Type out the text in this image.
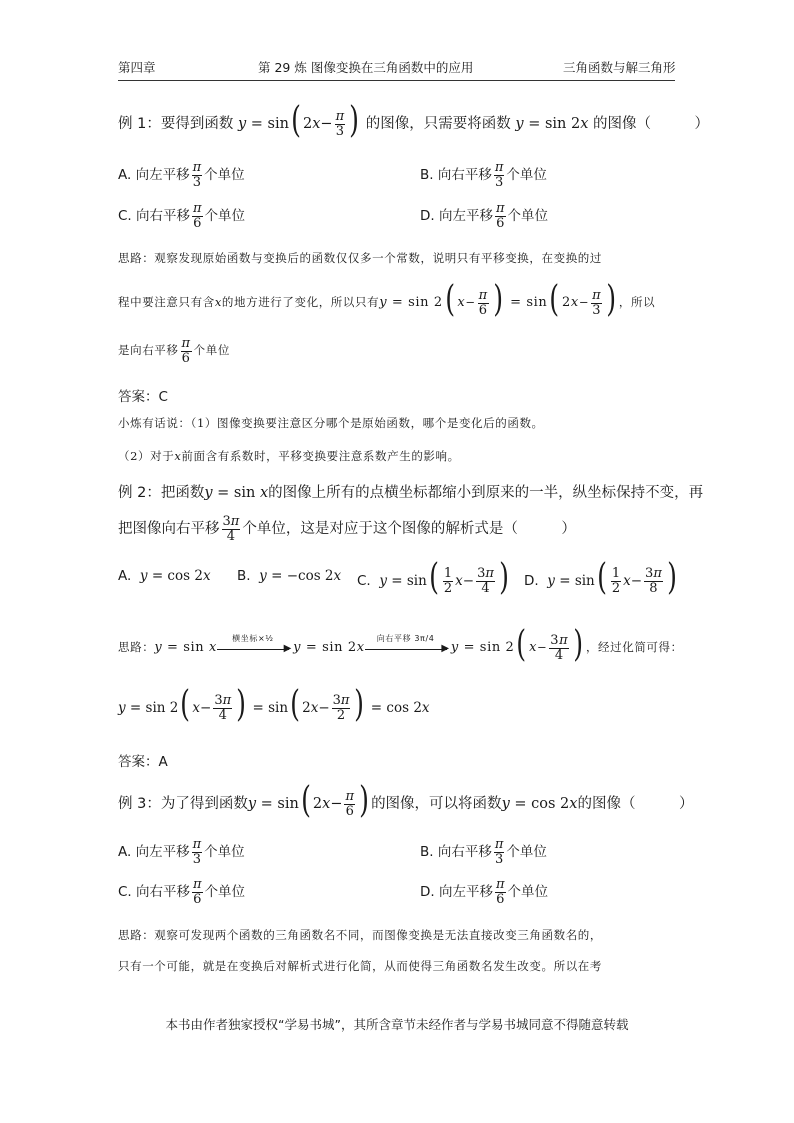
第四章	第 29 炼 图像变换在三角函数中的应用	三角函数与解三角形
例 1：要得到函数 y = sin( $2x- \frac{\pi}{3}$ ) 的图像，只需要将函数 y = sin 2x 的图像（　　　）
A. 向左平移 $\frac{\pi}{3}$ 个单位	B. 向右平移 $\frac{\pi}{3}$ 个单位
C. 向右平移 $\frac{\pi}{6}$ 个单位	D. 向左平移 $\frac{\pi}{6}$ 个单位
思路：观察发现原始函数与变换后的函数仅仅多一个常数，说明只有平移变换，在变换的过
程中要注意只有含x的地方进行了变化，所以只有y = sin 2( $x- \frac{\pi}{6}$ ) = sin( $2x- \frac{\pi}{3}$ ) ，所以
是向右平移 $\frac{\pi}{6}$ 个单位
答案：C
小炼有话说：（1）图像变换要注意区分哪个是原始函数，哪个是变化后的函数。
（2）对于x前面含有系数时，平移变换要注意系数产生的影响。
例 2：把函数y = sin x的图像上所有的点横坐标都缩小到原来的一半，纵坐标保持不变，再
把图像向右平移 $\frac{3\pi}{4}$ 个单位，这是对应于这个图像的解析式是（　　　）
A. y = cos 2x B. y = −cos 2x C. $y = \sin( \frac{1}{2} x- \frac{3\pi}{4}$ ) D. $y = \sin( \frac{1}{2} x- \frac{3\pi}{8}$ )
思路：y = sin x
横坐标×½
▶ y = sin 2x
向右平移 3π/4
▶ y = sin 2( $x- \frac{3\pi}{4}$ ) ，经过化简可得：
y = sin 2( $x- \frac{3\pi}{4}$ ) = sin( $2x- \frac{3\pi}{2}$ ) = cos 2x
答案：A
例 3：为了得到函数y = sin( $2x- \frac{\pi}{6}$ ) 的图像，可以将函数y = cos 2x的图像（　　　）
A. 向左平移 $\frac{\pi}{3}$ 个单位	B. 向右平移 $\frac{\pi}{3}$ 个单位
C. 向右平移 $\frac{\pi}{6}$ 个单位	D. 向左平移 $\frac{\pi}{6}$ 个单位
思路：观察可发现两个函数的三角函数名不同，而图像变换是无法直接改变三角函数名的，
只有一个可能，就是在变换后对解析式进行化简，从而使得三角函数名发生改变。所以在考
本书由作者独家授权“学易书城”，其所含章节未经作者与学易书城同意不得随意转载
